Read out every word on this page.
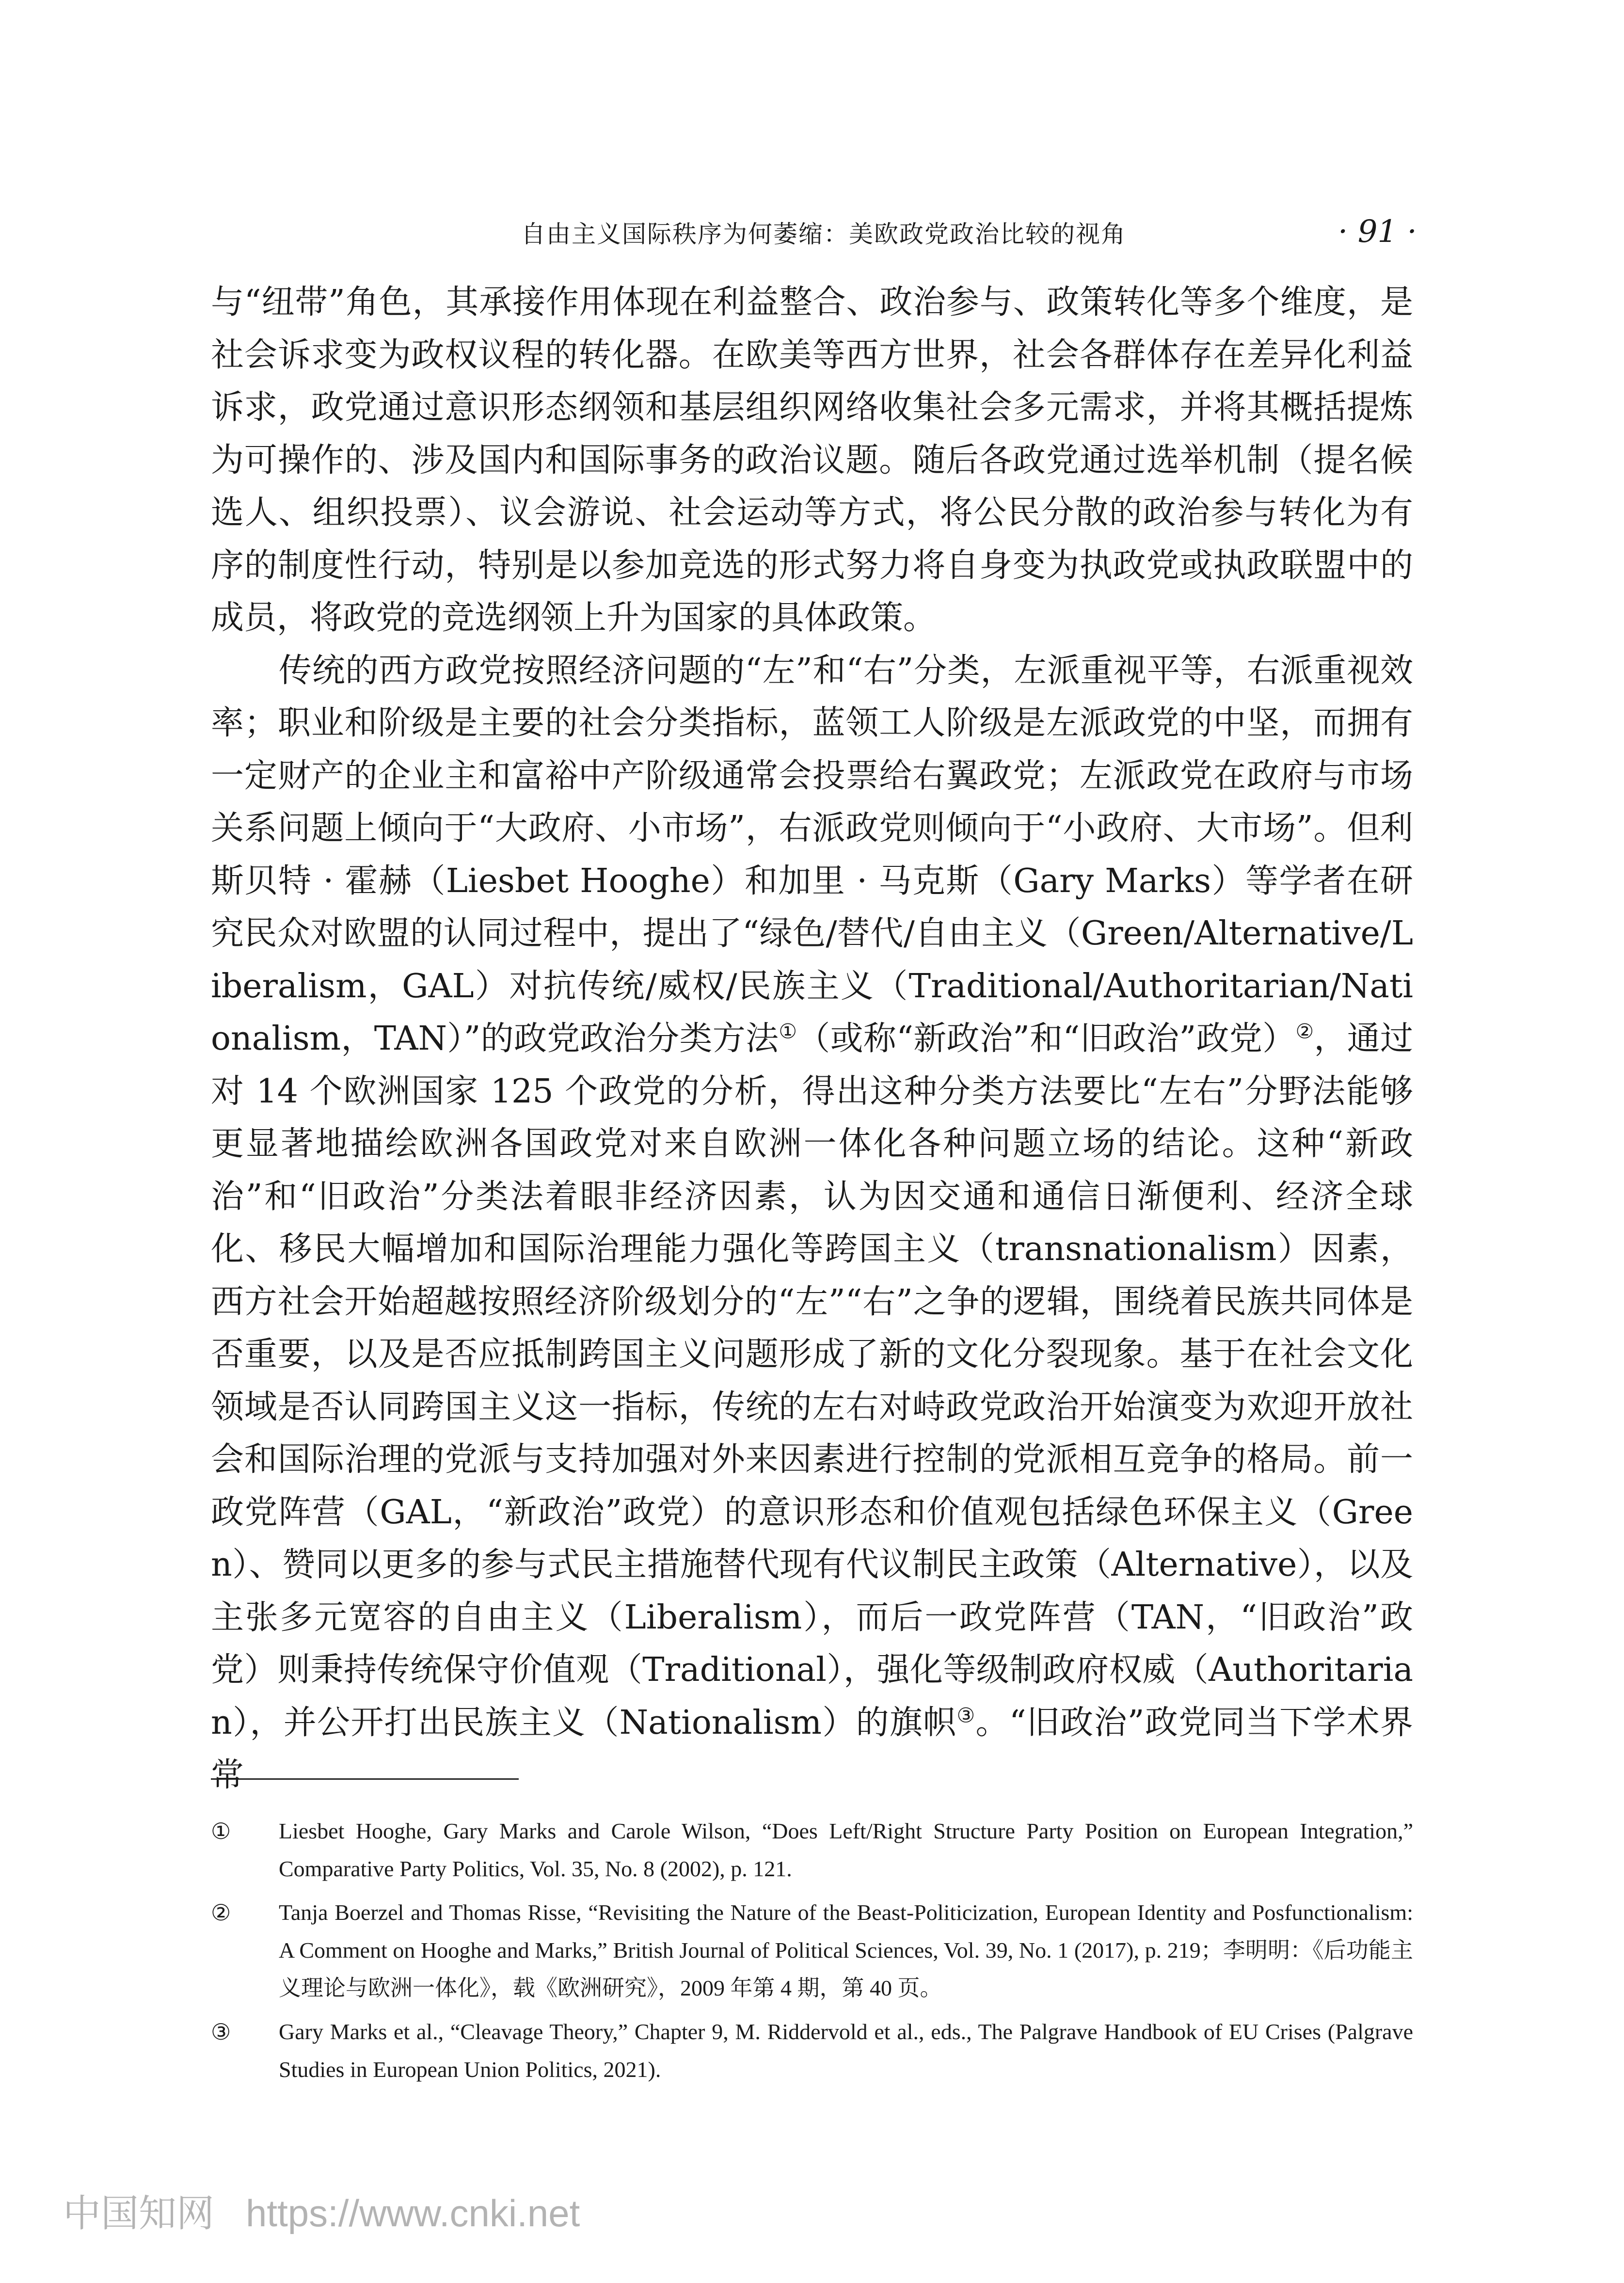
自由主义国际秩序为何萎缩：美欧政党政治比较的视角	· 91 ·

与“纽带”角色，其承接作用体现在利益整合、政治参与、政策转化等多个维度，是社会诉求变为政权议程的转化器。在欧美等西方世界，社会各群体存在差异化利益诉求，政党通过意识形态纲领和基层组织网络收集社会多元需求，并将其概括提炼为可操作的、涉及国内和国际事务的政治议题。随后各政党通过选举机制（提名候选人、组织投票）、议会游说、社会运动等方式，将公民分散的政治参与转化为有序的制度性行动，特别是以参加竞选的形式努力将自身变为执政党或执政联盟中的成员，将政党的竞选纲领上升为国家的具体政策。

传统的西方政党按照经济问题的“左”和“右”分类，左派重视平等，右派重视效率；职业和阶级是主要的社会分类指标，蓝领工人阶级是左派政党的中坚，而拥有一定财产的企业主和富裕中产阶级通常会投票给右翼政党；左派政党在政府与市场关系问题上倾向于“大政府、小市场”，右派政党则倾向于“小政府、大市场”。但利斯贝特 · 霍赫（Liesbet Hooghe）和加里 · 马克斯（Gary Marks）等学者在研究民众对欧盟的认同过程中，提出了“绿色/替代/自由主义（Green/Alternative/Liberalism，GAL）对抗传统/威权/民族主义（Traditional/Authoritarian/Nationalism，TAN）”的政党政治分类方法①（或称“新政治”和“旧政治”政党）②，通过对 14 个欧洲国家 125 个政党的分析，得出这种分类方法要比“左右”分野法能够更显著地描绘欧洲各国政党对来自欧洲一体化各种问题立场的结论。这种“新政治”和“旧政治”分类法着眼非经济因素，认为因交通和通信日渐便利、经济全球化、移民大幅增加和国际治理能力强化等跨国主义（transnationalism）因素，西方社会开始超越按照经济阶级划分的“左”“右”之争的逻辑，围绕着民族共同体是否重要，以及是否应抵制跨国主义问题形成了新的文化分裂现象。基于在社会文化领域是否认同跨国主义这一指标，传统的左右对峙政党政治开始演变为欢迎开放社会和国际治理的党派与支持加强对外来因素进行控制的党派相互竞争的格局。前一政党阵营（GAL，“新政治”政党）的意识形态和价值观包括绿色环保主义（Green）、赞同以更多的参与式民主措施替代现有代议制民主政策（Alternative），以及主张多元宽容的自由主义（Liberalism），而后一政党阵营（TAN，“旧政治”政党）则秉持传统保守价值观（Traditional），强化等级制政府权威（Authoritarian），并公开打出民族主义（Nationalism）的旗帜③。“旧政治”政党同当下学术界常

① Liesbet Hooghe, Gary Marks and Carole Wilson, “Does Left/Right Structure Party Position on European Integration,” Comparative Party Politics, Vol. 35, No. 8 (2002), p. 121.
② Tanja Boerzel and Thomas Risse, “Revisiting the Nature of the Beast-Politicization, European Identity and Posfunctionalism: A Comment on Hooghe and Marks,” British Journal of Political Sciences, Vol. 39, No. 1 (2017), p. 219；李明明：《后功能主义理论与欧洲一体化》，载《欧洲研究》，2009 年第 4 期，第 40 页。
③ Gary Marks et al., “Cleavage Theory,” Chapter 9, M. Riddervold et al., eds., The Palgrave Handbook of EU Crises (Palgrave Studies in European Union Politics, 2021).
中国知网 https://www.cnki.net
